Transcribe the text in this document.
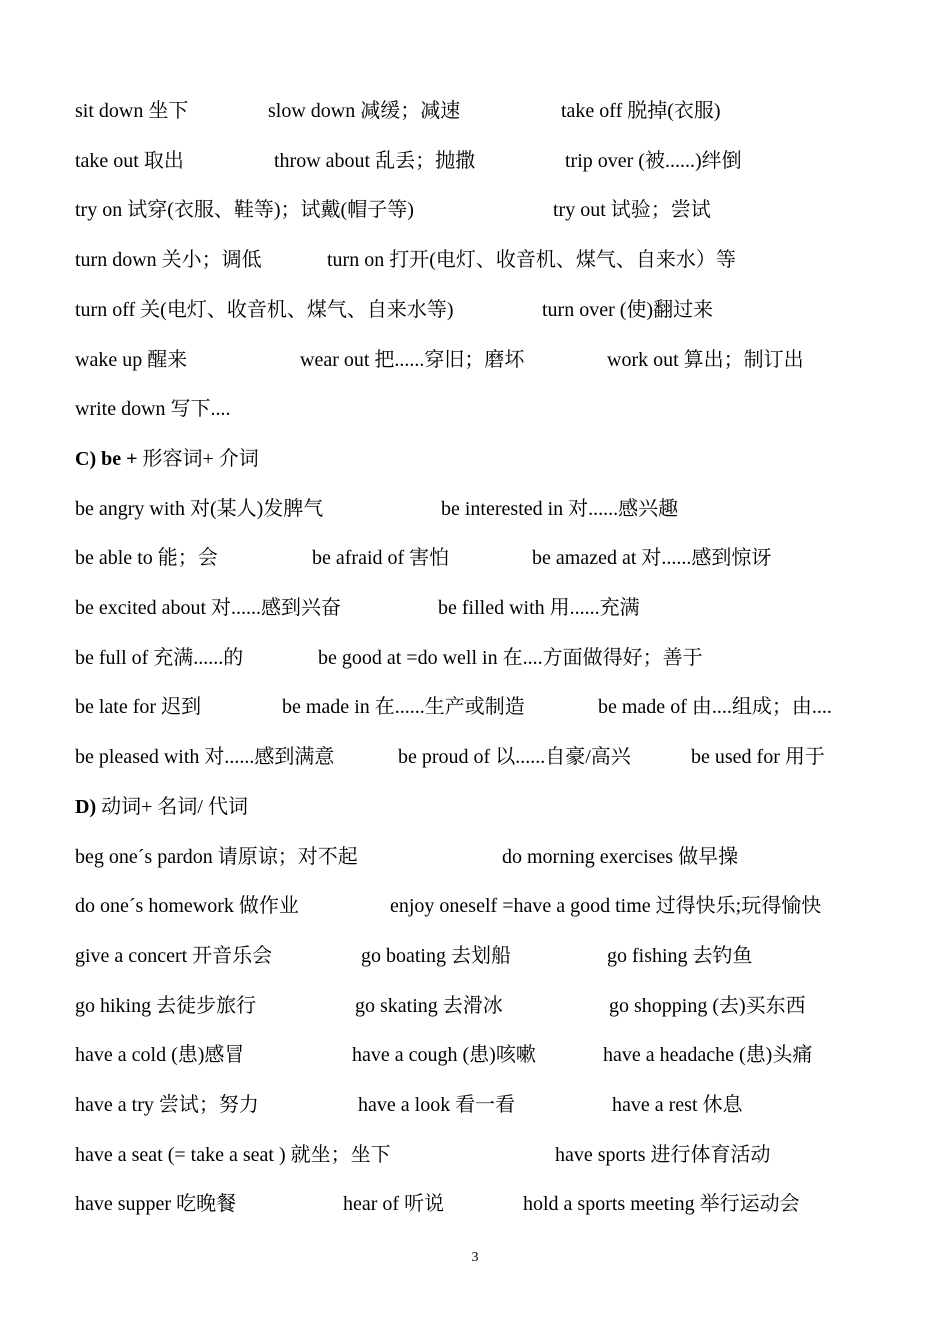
sit down 坐下	slow down 减缓；减速	take off 脱掉(衣服)
take out 取出	throw about 乱丢；抛撒	trip over (被......)绊倒
try on 试穿(衣服、鞋等)；试戴(帽子等)	try out 试验；尝试
turn down 关小；调低	turn on 打开(电灯、收音机、煤气、自来水）等
turn off 关(电灯、收音机、煤气、自来水等)	turn over (使)翻过来
wake up 醒来	wear out 把......穿旧；磨坏	work out 算出；制订出
write down 写下....
C) be + 形容词+ 介词
be angry with 对(某人)发脾气	be interested in 对......感兴趣
be able to 能；会	be afraid of 害怕	be amazed at 对......感到惊讶
be excited about 对......感到兴奋	be filled with 用......充满
be full of 充满......的	be good at =do well in 在....方面做得好；善于
be late for 迟到	be made in 在......生产或制造	be made of 由....组成；由....
be pleased with 对......感到满意	be proud of 以......自豪/高兴	be used for 用于
D) 动词+ 名词/ 代词
beg one´s pardon 请原谅；对不起	do morning exercises 做早操
do one´s homework 做作业	enjoy oneself =have a good time 过得快乐;玩得愉快
give a concert 开音乐会	go boating 去划船	go fishing 去钓鱼
go hiking 去徒步旅行	go skating 去滑冰	go shopping (去)买东西
have a cold (患)感冒	have a cough (患)咳嗽	have a headache (患)头痛
have a try 尝试；努力	have a look 看一看	have a rest 休息
have a seat (= take a seat ) 就坐；坐下	have sports 进行体育活动
have supper 吃晚餐	hear of 听说	hold a sports meeting 举行运动会
3
